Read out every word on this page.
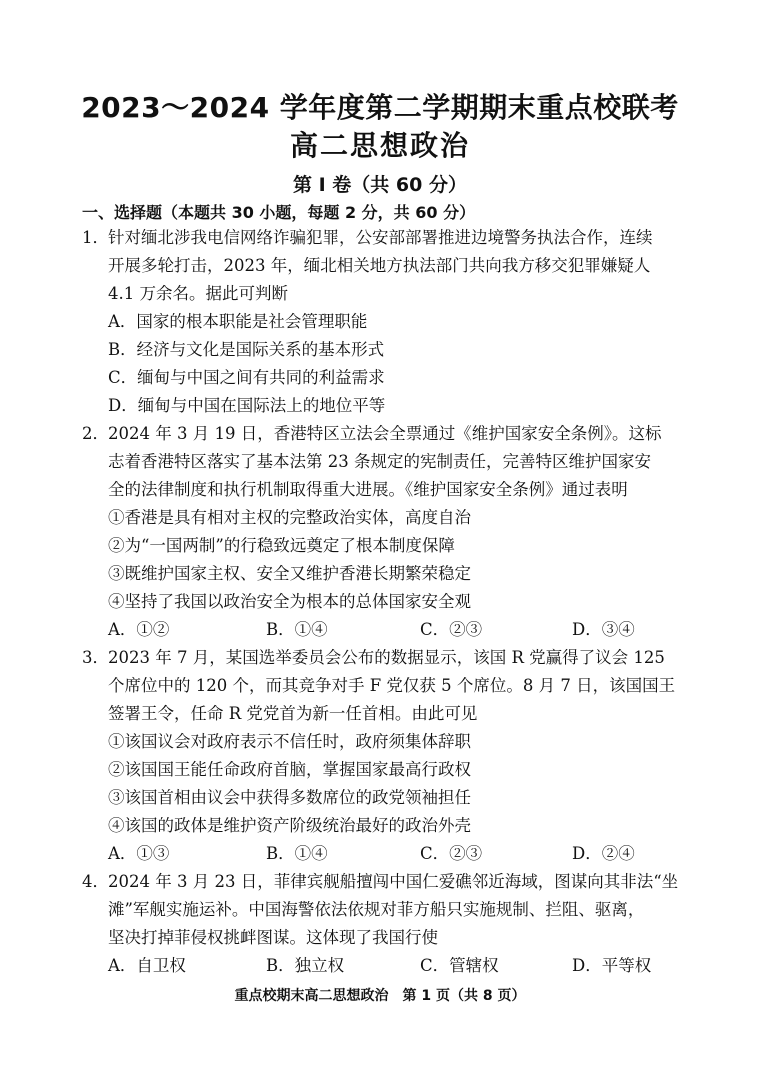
2023～2024 学年度第二学期期末重点校联考
高二思想政治
第 Ⅰ 卷（共 60 分）
一、选择题（本题共 30 小题，每题 2 分，共 60 分）
1． 针对缅北涉我电信网络诈骗犯罪，公安部部署推进边境警务执法合作，连续
开展多轮打击，2023 年，缅北相关地方执法部门共向我方移交犯罪嫌疑人
4.1 万余名。据此可判断
A．国家的根本职能是社会管理职能
B．经济与文化是国际关系的基本形式
C．缅甸与中国之间有共同的利益需求
D．缅甸与中国在国际法上的地位平等
2． 2024 年 3 月 19 日，香港特区立法会全票通过《维护国家安全条例》。这标
志着香港特区落实了基本法第 23 条规定的宪制责任，完善特区维护国家安
全的法律制度和执行机制取得重大进展。《维护国家安全条例》通过表明
①香港是具有相对主权的完整政治实体，高度自治
②为“一国两制”的行稳致远奠定了根本制度保障
③既维护国家主权、安全又维护香港长期繁荣稳定
④坚持了我国以政治安全为根本的总体国家安全观
A．①②	B．①④	C．②③	D．③④
3． 2023 年 7 月，某国选举委员会公布的数据显示，该国 R 党赢得了议会 125
个席位中的 120 个，而其竞争对手 F 党仅获 5 个席位。8 月 7 日，该国国王
签署王令，任命 R 党党首为新一任首相。由此可见
①该国议会对政府表示不信任时，政府须集体辞职
②该国国王能任命政府首脑，掌握国家最高行政权
③该国首相由议会中获得多数席位的政党领袖担任
④该国的政体是维护资产阶级统治最好的政治外壳
A．①③	B．①④	C．②③	D．②④
4． 2024 年 3 月 23 日，菲律宾舰船擅闯中国仁爱礁邻近海域，图谋向其非法“坐
滩”军舰实施运补。中国海警依法依规对菲方船只实施规制、拦阻、驱离，
坚决打掉菲侵权挑衅图谋。这体现了我国行使
A．自卫权	B．独立权	C．管辖权	D．平等权
重点校期末高二思想政治　第 1 页（共 8 页）
